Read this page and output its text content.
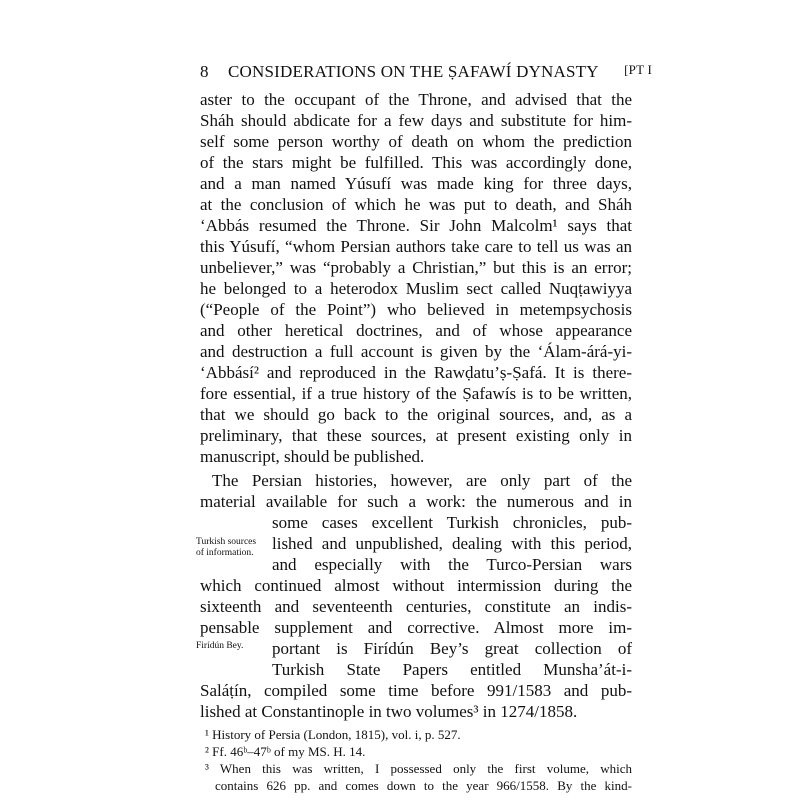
8 CONSIDERATIONS ON THE ṢAFAWÍ DYNASTY [PT I
aster to the occupant of the Throne, and advised that the
Sháh should abdicate for a few days and substitute for him-
self some person worthy of death on whom the prediction
of the stars might be fulfilled. This was accordingly done,
and a man named Yúsufí was made king for three days,
at the conclusion of which he was put to death, and Sháh
‘Abbás resumed the Throne. Sir John Malcolm¹ says that
this Yúsufí, “whom Persian authors take care to tell us was an
unbeliever,” was “probably a Christian,” but this is an error;
he belonged to a heterodox Muslim sect called Nuqṭawiyya
(“People of the Point”) who believed in metempsychosis
and other heretical doctrines, and of whose appearance
and destruction a full account is given by the ‘Álam-árá-yi-
‘Abbásí² and reproduced in the Rawḍatu’ṣ-Ṣafá. It is there-
fore essential, if a true history of the Ṣafawís is to be written,
that we should go back to the original sources, and, as a
preliminary, that these sources, at present existing only in
manuscript, should be published.
The Persian histories, however, are only part of the
material available for such a work: the numerous and in
some cases excellent Turkish chronicles, pub-
lished and unpublished, dealing with this period,
and especially with the Turco-Persian wars
which continued almost without intermission during the
sixteenth and seventeenth centuries, constitute an indis-
pensable supplement and corrective. Almost more im-
portant is Firídún Bey’s great collection of
Turkish State Papers entitled Munsha’át-i-
Saláṭín, compiled some time before 991/1583 and pub-
lished at Constantinople in two volumes³ in 1274/1858.
Turkish sources
of information.
Firídún Bey.
¹ History of Persia (London, 1815), vol. i, p. 527.
² Ff. 46ᵇ–47ᵇ of my MS. H. 14.
³ When this was written, I possessed only the first volume, which
contains 626 pp. and comes down to the year 966/1558. By the kind-
